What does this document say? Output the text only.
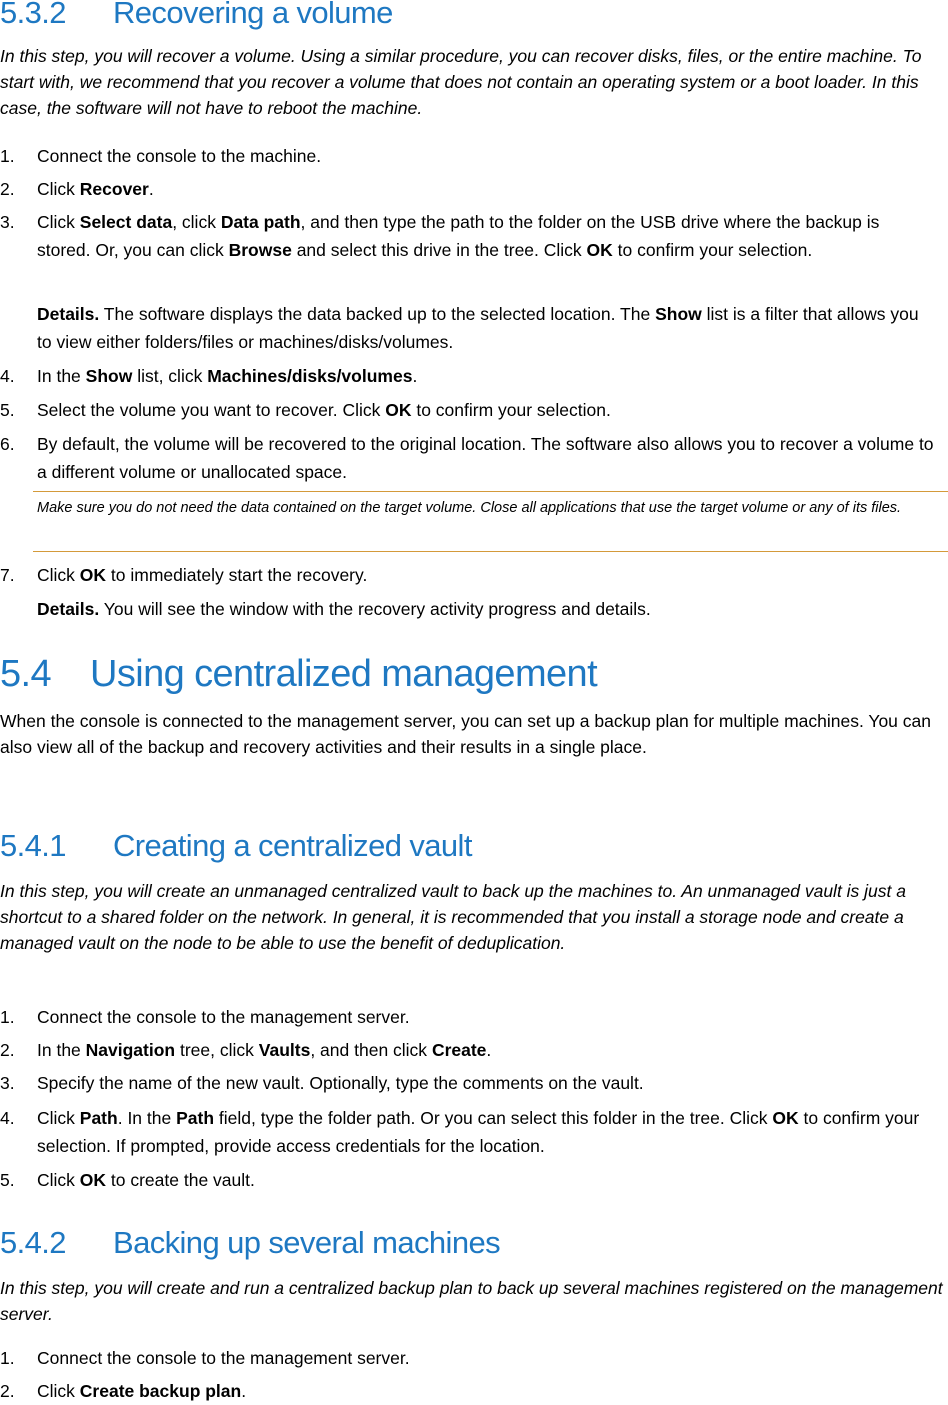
5.3.2 Recovering a volume

In this step, you will recover a volume. Using a similar procedure, you can recover disks, files, or the entire machine. To start with, we recommend that you recover a volume that does not contain an operating system or a boot loader. In this case, the software will not have to reboot the machine.

1. Connect the console to the machine.
2. Click Recover.
3. Click Select data, click Data path, and then type the path to the folder on the USB drive where the backup is stored. Or, you can click Browse and select this drive in the tree. Click OK to confirm your selection.
Details. The software displays the data backed up to the selected location. The Show list is a filter that allows you to view either folders/files or machines/disks/volumes.
4. In the Show list, click Machines/disks/volumes.
5. Select the volume you want to recover. Click OK to confirm your selection.
6. By default, the volume will be recovered to the original location. The software also allows you to recover a volume to a different volume or unallocated space.
Make sure you do not need the data contained on the target volume. Close all applications that use the target volume or any of its files.
7. Click OK to immediately start the recovery.
Details. You will see the window with the recovery activity progress and details.
5.4 Using centralized management

When the console is connected to the management server, you can set up a backup plan for multiple machines. You can also view all of the backup and recovery activities and their results in a single place.

5.4.1 Creating a centralized vault

In this step, you will create an unmanaged centralized vault to back up the machines to. An unmanaged vault is just a shortcut to a shared folder on the network. In general, it is recommended that you install a storage node and create a managed vault on the node to be able to use the benefit of deduplication.

1. Connect the console to the management server.
2. In the Navigation tree, click Vaults, and then click Create.
3. Specify the name of the new vault. Optionally, type the comments on the vault.
4. Click Path. In the Path field, type the folder path. Or you can select this folder in the tree. Click OK to confirm your selection. If prompted, provide access credentials for the location.
5. Click OK to create the vault.
5.4.2 Backing up several machines

In this step, you will create and run a centralized backup plan to back up several machines registered on the management server.

1. Connect the console to the management server.
2. Click Create backup plan.
